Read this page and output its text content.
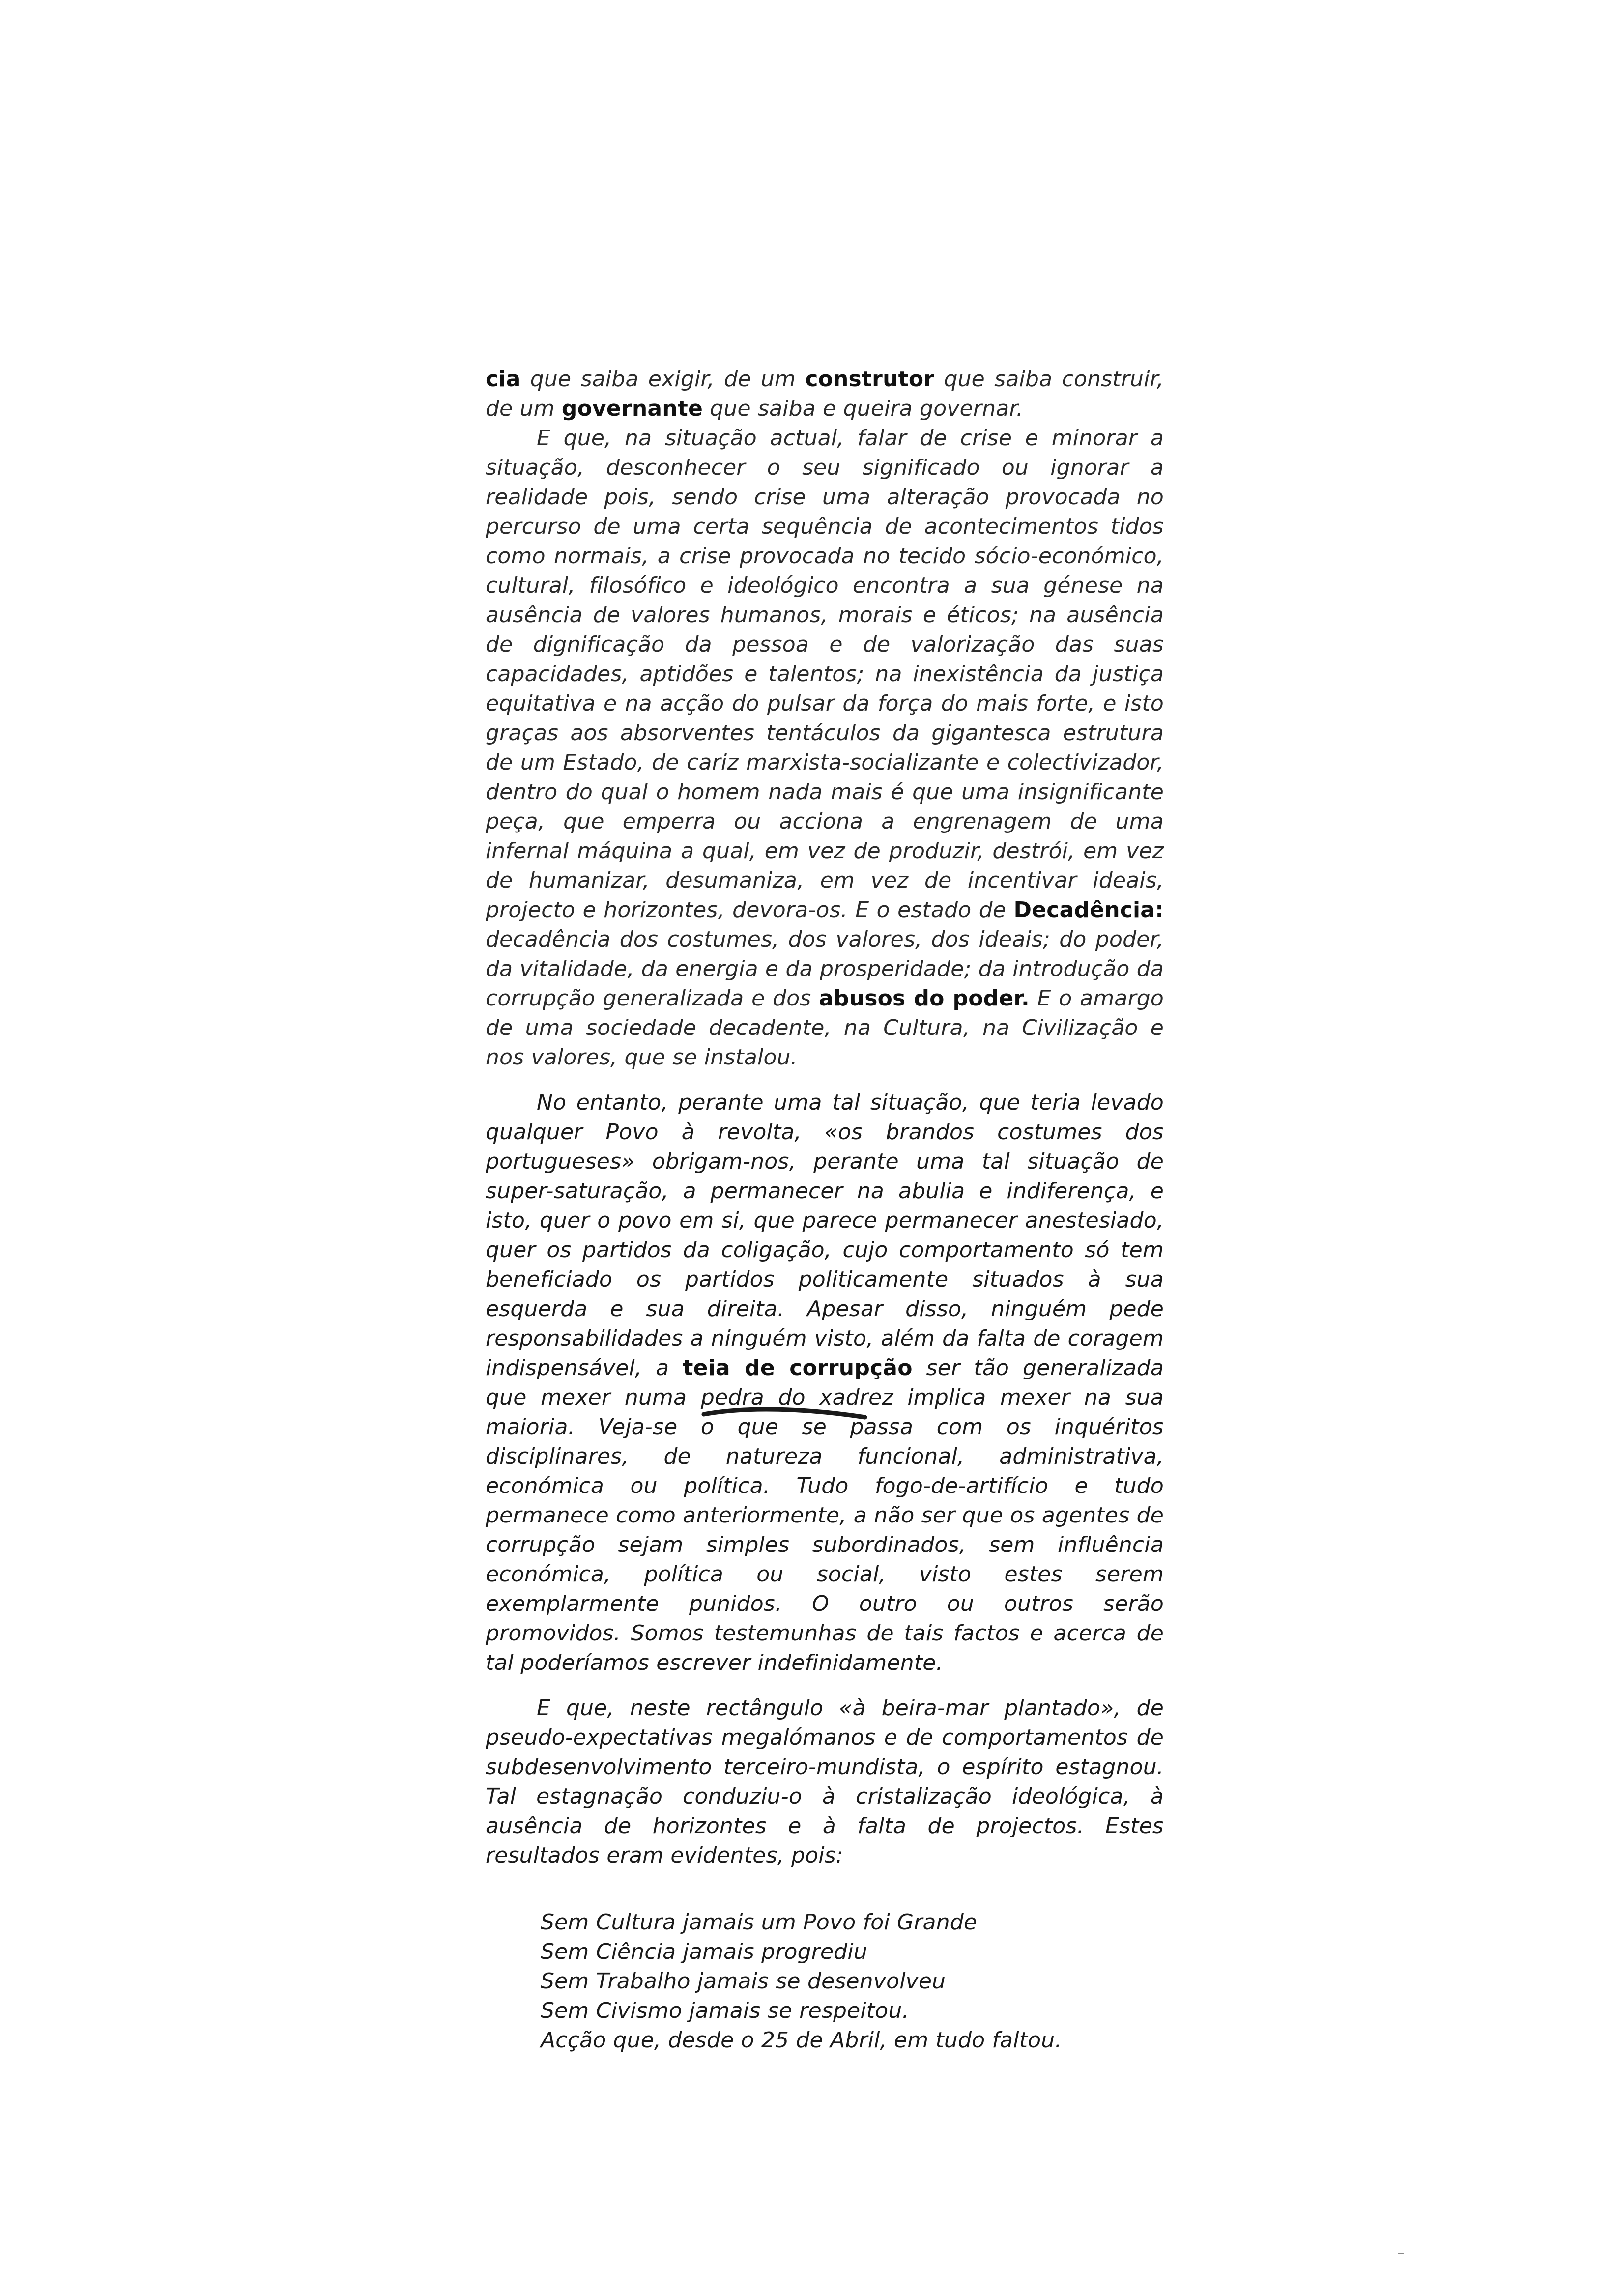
cia que saiba exigir, de um construtor que saiba construir, de um governante que saiba e queira governar.

E que, na situação actual, falar de crise e minorar a situação, desconhecer o seu significado ou ignorar a realidade pois, sendo crise uma alteração provocada no percurso de uma certa sequência de acontecimentos tidos como normais, a crise provocada no tecido sócio-económico, cultural, filosófico e ideológico encontra a sua génese na ausência de valores humanos, morais e éticos; na ausência de dignificação da pessoa e de valorização das suas capacidades, aptidões e talentos; na inexistência da justiça equitativa e na acção do pulsar da força do mais forte, e isto graças aos absorventes tentáculos da gigantesca estrutura de um Estado, de cariz marxista-socializante e colectivizador, dentro do qual o homem nada mais é que uma insignificante peça, que emperra ou acciona a engrenagem de uma infernal máquina a qual, em vez de produzir, destrói, em vez de humanizar, desumaniza, em vez de incentivar ideais, projecto e horizontes, devora-os. E o estado de Decadência: decadência dos costumes, dos valores, dos ideais; do poder, da vitalidade, da energia e da prosperidade; da introdução da corrupção generalizada e dos abusos do poder. E o amargo de uma sociedade decadente, na Cultura, na Civilização e nos valores, que se instalou.

No entanto, perante uma tal situação, que teria levado qualquer Povo à revolta, «os brandos costumes dos portugueses» obrigam-nos, perante uma tal situação de super-saturação, a permanecer na abulia e indiferença, e isto, quer o povo em si, que parece permanecer anestesiado, quer os partidos da coligação, cujo comportamento só tem beneficiado os partidos politicamente situados à sua esquerda e sua direita. Apesar disso, ninguém pede responsabilidades a ninguém visto, além da falta de coragem indispensável, a teia de corrupção ser tão generalizada que mexer numa pedra do xadrez implica mexer na sua maioria. Veja-se o que se passa com os inquéritos disciplinares, de natureza funcional, administrativa, económica ou política. Tudo fogo-de-artifício e tudo permanece como anteriormente, a não ser que os agentes de corrupção sejam simples subordinados, sem influência económica, política ou social, visto estes serem exemplarmente punidos. O outro ou outros serão promovidos. Somos testemunhas de tais factos e acerca de tal poderíamos escrever indefinidamente.

E que, neste rectângulo «à beira-mar plantado», de pseudo-expectativas megalómanos e de comportamentos de subdesenvolvimento terceiro-mundista, o espírito estagnou. Tal estagnação conduziu-o à cristalização ideológica, à ausência de horizontes e à falta de projectos. Estes resultados eram evidentes, pois:

Sem Cultura jamais um Povo foi Grande
Sem Ciência jamais progrediu
Sem Trabalho jamais se desenvolveu
Sem Civismo jamais se respeitou.
Acção que, desde o 25 de Abril, em tudo faltou.
